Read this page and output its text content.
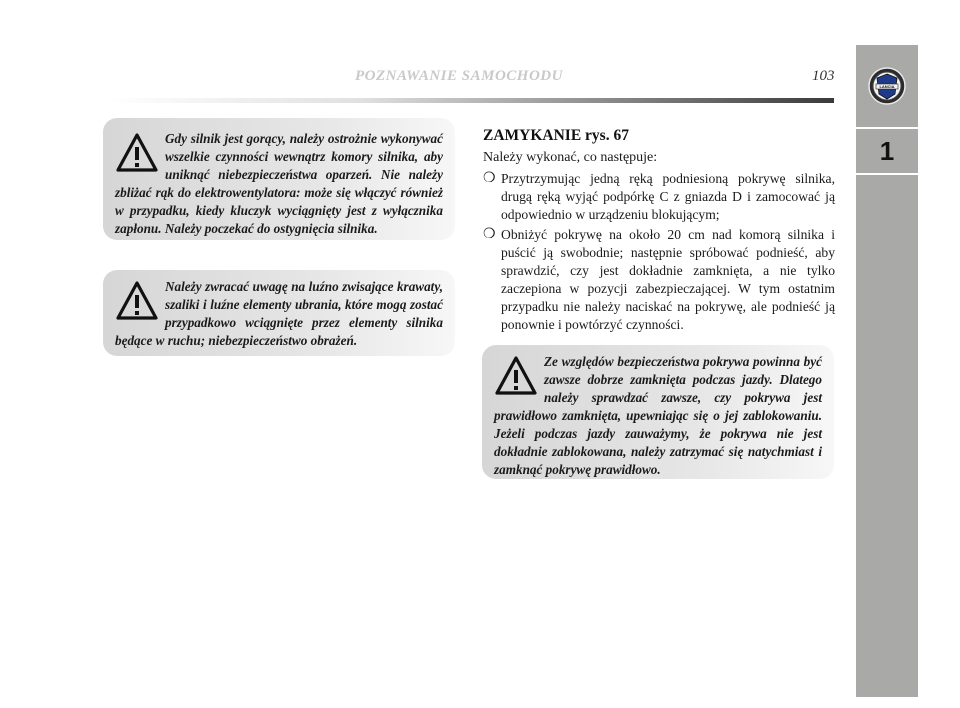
POZNAWANIE SAMOCHODU	103
LANCIA
1
Gdy silnik jest gorący, należy ostrożnie wykonywać wszelkie czynności wewnątrz komory silnika, aby uniknąć niebezpieczeństwa oparzeń. Nie należy zbliżać rąk do elektrowentylatora: może się włączyć również w przypadku, kiedy kluczyk wyciągnięty jest z wyłącznika zapłonu. Należy poczekać do ostygnięcia silnika.
Należy zwracać uwagę na luźno zwisające krawaty, szaliki i luźne elementy ubrania, które mogą zostać przypadkowo wciągnięte przez elementy silnika będące w ruchu; niebezpieczeństwo obrażeń.
ZAMYKANIE rys. 67
Należy wykonać, co następuje:
❍ Przytrzymując jedną ręką podniesioną pokrywę silnika, drugą ręką wyjąć podpórkę C z gniazda D i zamocować ją odpowiednio w urządzeniu blokującym;
❍ Obniżyć pokrywę na około 20 cm nad komorą silnika i puścić ją swobodnie; następnie spróbować podnieść, aby sprawdzić, czy jest dokładnie zamknięta, a nie tylko zaczepiona w pozycji zabezpieczającej. W tym ostatnim przypadku nie należy naciskać na pokrywę, ale podnieść ją ponownie i powtórzyć czynności.
Ze względów bezpieczeństwa pokrywa powinna być zawsze dobrze zamknięta podczas jazdy. Dlatego należy sprawdzać zawsze, czy pokrywa jest prawidłowo zamknięta, upewniając się o jej zablokowaniu. Jeżeli podczas jazdy zauważymy, że pokrywa nie jest dokładnie zablokowana, należy zatrzymać się natychmiast i zamknąć pokrywę prawidłowo.
